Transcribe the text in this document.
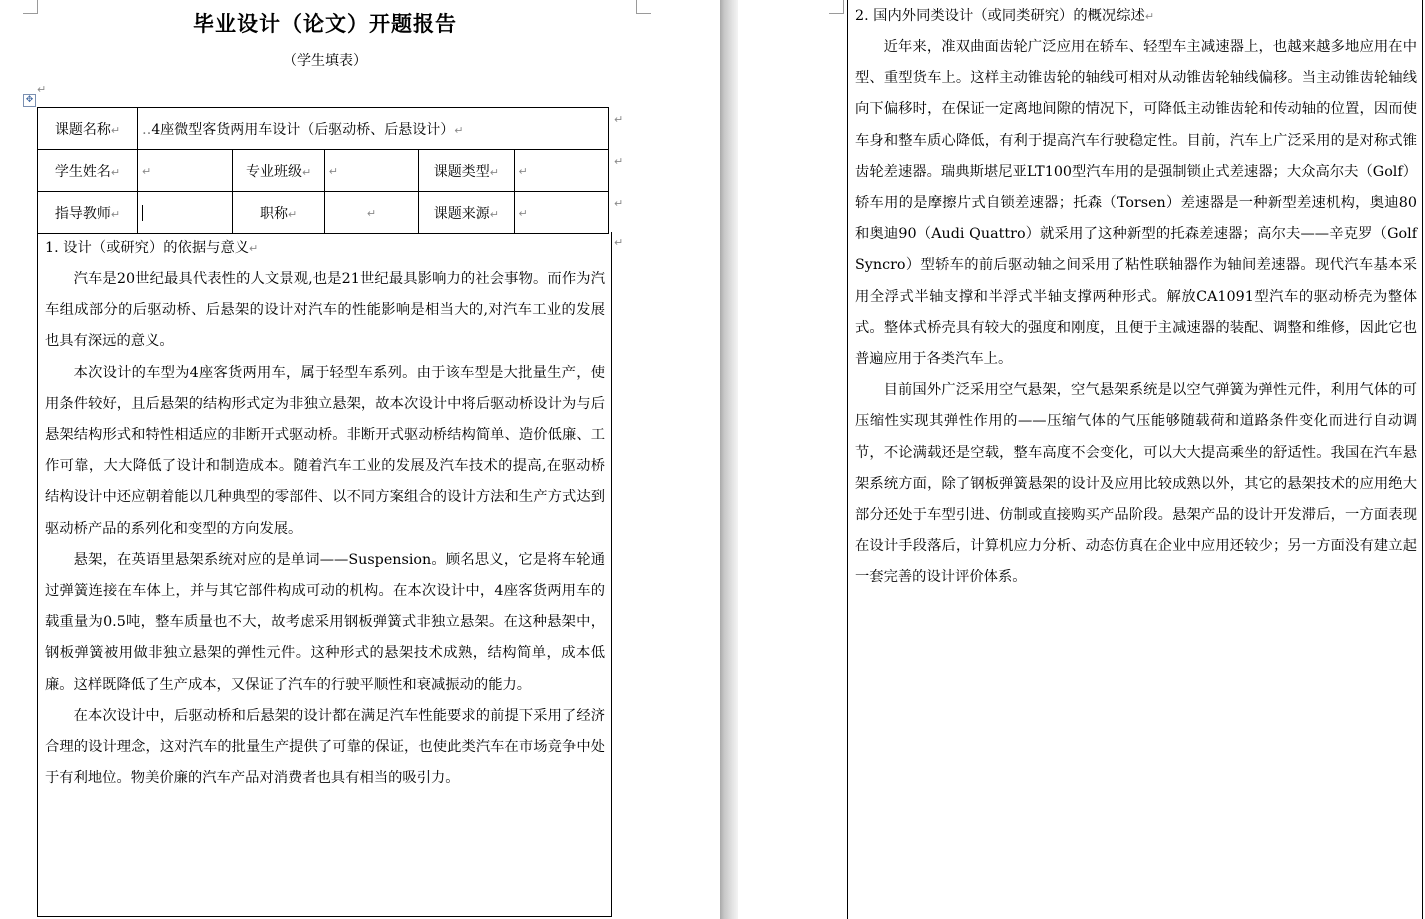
毕业设计（论文）开题报告
（学生填表）
✥
↵
课题名称↵	‥4座微型客货两用车设计（后驱动桥、后悬设计）↵				
学生姓名↵	↵	专业班级↵	↵	课题类型↵	↵
指导教师↵		职称↵	↵	课题来源↵	↵
↵
↵
↵
↵

1. 设计（或研究）的依据与意义↵

汽车是20世纪最具代表性的人文景观,也是21世纪最具影响力的社会事物。而作为汽车组成部分的后驱动桥、后悬架的设计对汽车的性能影响是相当大的,对汽车工业的发展也具有深远的意义。

本次设计的车型为4座客货两用车，属于轻型车系列。由于该车型是大批量生产，使用条件较好，且后悬架的结构形式定为非独立悬架，故本次设计中将后驱动桥设计为与后悬架结构形式和特性相适应的非断开式驱动桥。非断开式驱动桥结构简单、造价低廉、工作可靠，大大降低了设计和制造成本。随着汽车工业的发展及汽车技术的提高,在驱动桥结构设计中还应朝着能以几种典型的零部件、以不同方案组合的设计方法和生产方式达到驱动桥产品的系列化和变型的方向发展。

悬架，在英语里悬架系统对应的是单词——Suspension。顾名思义，它是将车轮通过弹簧连接在车体上，并与其它部件构成可动的机构。在本次设计中，4座客货两用车的载重量为0.5吨，整车质量也不大，故考虑采用钢板弹簧式非独立悬架。在这种悬架中，钢板弹簧被用做非独立悬架的弹性元件。这种形式的悬架技术成熟，结构简单，成本低廉。这样既降低了生产成本，又保证了汽车的行驶平顺性和衰减振动的能力。

在本次设计中，后驱动桥和后悬架的设计都在满足汽车性能要求的前提下采用了经济合理的设计理念，这对汽车的批量生产提供了可靠的保证，也使此类汽车在市场竞争中处于有利地位。物美价廉的汽车产品对消费者也具有相当的吸引力。

2. 国内外同类设计（或同类研究）的概况综述↵

近年来，准双曲面齿轮广泛应用在轿车、轻型车主减速器上，也越来越多地应用在中型、重型货车上。这样主动锥齿轮的轴线可相对从动锥齿轮轴线偏移。当主动锥齿轮轴线向下偏移时，在保证一定离地间隙的情况下，可降低主动锥齿轮和传动轴的位置，因而使车身和整车质心降低，有利于提高汽车行驶稳定性。目前，汽车上广泛采用的是对称式锥齿轮差速器。瑞典斯堪尼亚LT100型汽车用的是强制锁止式差速器；大众高尔夫（Golf）轿车用的是摩擦片式自锁差速器；托森（Torsen）差速器是一种新型差速机构，奥迪80和奥迪90（Audi Quattro）就采用了这种新型的托森差速器；高尔夫——辛克罗（Golf Syncro）型轿车的前后驱动轴之间采用了粘性联轴器作为轴间差速器。现代汽车基本采用全浮式半轴支撑和半浮式半轴支撑两种形式。解放CA1091型汽车的驱动桥壳为整体式。整体式桥壳具有较大的强度和刚度，且便于主减速器的装配、调整和维修，因此它也普遍应用于各类汽车上。

目前国外广泛采用空气悬架，空气悬架系统是以空气弹簧为弹性元件，利用气体的可压缩性实现其弹性作用的——压缩气体的气压能够随载荷和道路条件变化而进行自动调节，不论满载还是空载，整车高度不会变化，可以大大提高乘坐的舒适性。我国在汽车悬架系统方面，除了钢板弹簧悬架的设计及应用比较成熟以外，其它的悬架技术的应用绝大部分还处于车型引进、仿制或直接购买产品阶段。悬架产品的设计开发滞后，一方面表现在设计手段落后，计算机应力分析、动态仿真在企业中应用还较少；另一方面没有建立起一套完善的设计评价体系。
